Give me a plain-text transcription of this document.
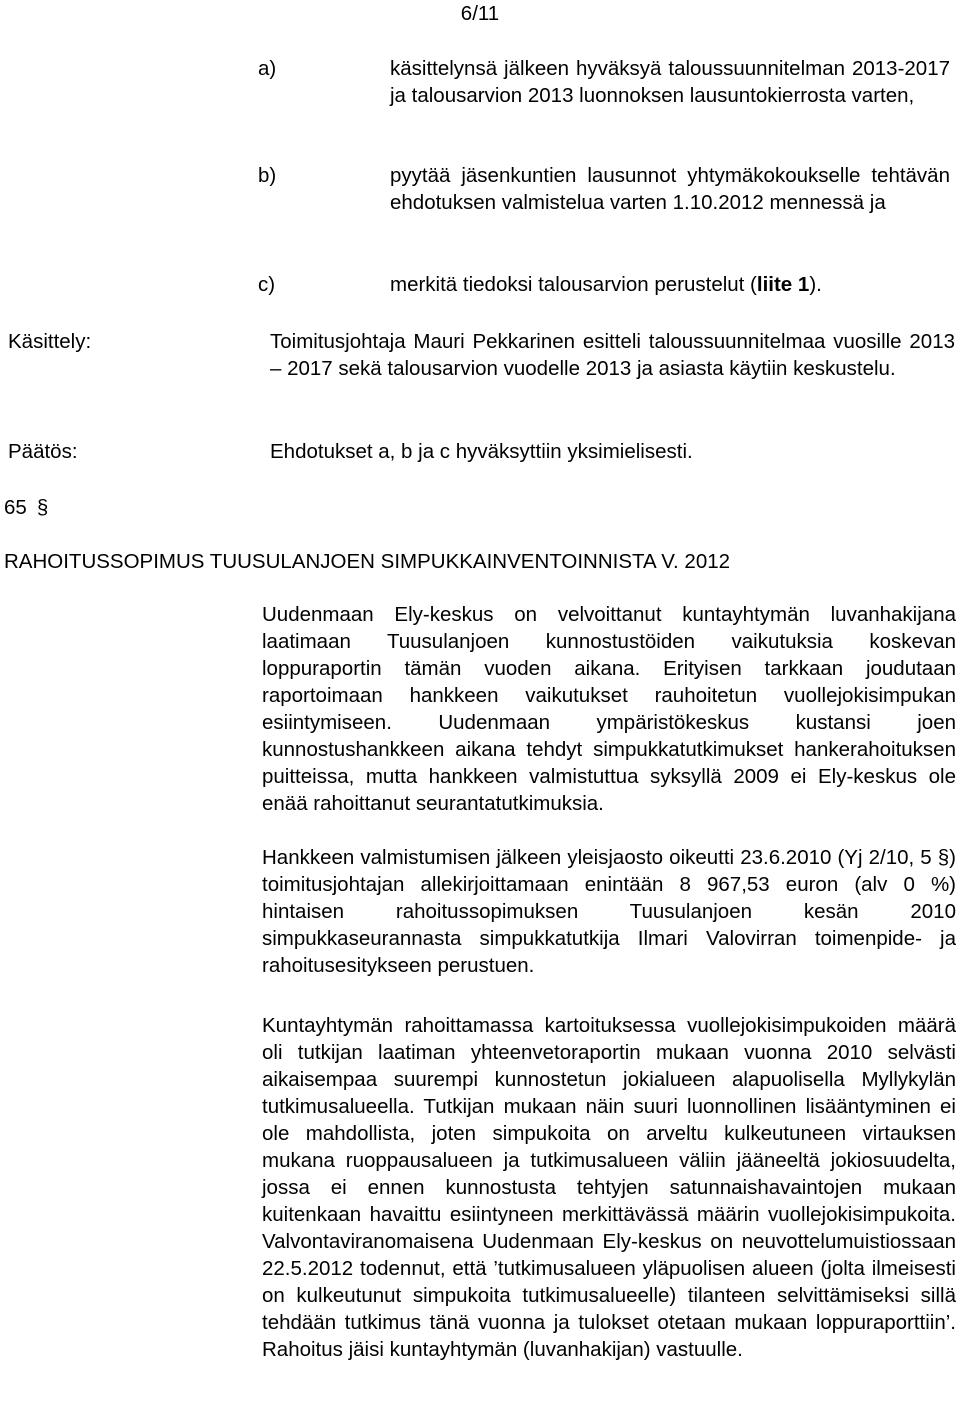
6/11
a)	käsittelynsä jälkeen hyväksyä taloussuunnitelman 2013-2017 ja talousarvion 2013 luonnoksen lausuntokierrosta varten,
b)	pyytää jäsenkuntien lausunnot yhtymäkokoukselle tehtävän ehdotuksen valmistelua varten 1.10.2012 mennessä ja
c)	merkitä tiedoksi talousarvion perustelut (liite 1).
Käsittely:	Toimitusjohtaja Mauri Pekkarinen esitteli taloussuunnitelmaa vuosille 2013 – 2017 sekä talousarvion vuodelle 2013 ja asiasta käytiin keskustelu.
Päätös:	Ehdotukset a, b ja c hyväksyttiin yksimielisesti.
65 §
RAHOITUSSOPIMUS TUUSULANJOEN SIMPUKKAINVENTOINNISTA V. 2012
Uudenmaan Ely-keskus on velvoittanut kuntayhtymän luvanhakijana laatimaan Tuusulanjoen kunnostustöiden vaikutuksia koskevan loppuraportin tämän vuoden aikana. Erityisen tarkkaan joudutaan raportoimaan hankkeen vaikutukset rauhoitetun vuollejokisimpukan esiintymiseen. Uudenmaan ympäristökeskus kustansi joen kunnostushankkeen aikana tehdyt simpukkatutkimukset hankerahoituksen puitteissa, mutta hankkeen valmistuttua syksyllä 2009 ei Ely-keskus ole enää rahoittanut seurantatutkimuksia.
Hankkeen valmistumisen jälkeen yleisjaosto oikeutti 23.6.2010 (Yj 2/10, 5 §) toimitusjohtajan allekirjoittamaan enintään 8 967,53 euron (alv 0 %) hintaisen rahoitussopimuksen Tuusulanjoen kesän 2010 simpukkaseurannasta simpukkatutkija Ilmari Valovirran toimenpide- ja rahoitusesitykseen perustuen.
Kuntayhtymän rahoittamassa kartoituksessa vuollejokisimpukoiden määrä oli tutkijan laatiman yhteenvetoraportin mukaan vuonna 2010 selvästi aikaisempaa suurempi kunnostetun jokialueen alapuolisella Myllykylän tutkimusalueella. Tutkijan mukaan näin suuri luonnollinen lisääntyminen ei ole mahdollista, joten simpukoita on arveltu kulkeutuneen virtauksen mukana ruoppausalueen ja tutkimusalueen väliin jääneeltä jokiosuudelta, jossa ei ennen kunnostusta tehtyjen satunnaishavaintojen mukaan kuitenkaan havaittu esiintyneen merkittävässä määrin vuollejokisimpukoita. Valvontaviranomaisena Uudenmaan Ely-keskus on neuvottelumuistiossaan 22.5.2012 todennut, että ’tutkimusalueen yläpuolisen alueen (jolta ilmeisesti on kulkeutunut simpukoita tutkimusalueelle) tilanteen selvittämiseksi sillä tehdään tutkimus tänä vuonna ja tulokset otetaan mukaan loppuraporttiin’. Rahoitus jäisi kuntayhtymän (luvanhakijan) vastuulle.
